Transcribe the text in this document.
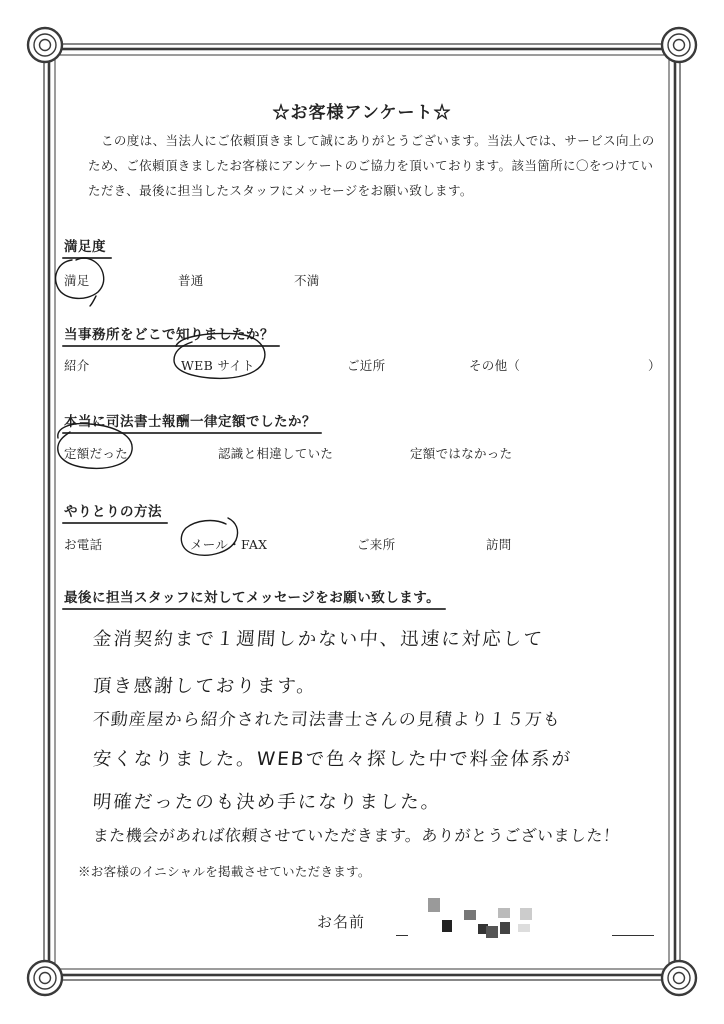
☆お客様アンケート☆
この度は、当法人にご依頼頂きまして誠にありがとうございます。当法人では、サービス向上のため、ご依頼頂きましたお客様にアンケートのご協力を頂いております。該当箇所に〇をつけていただき、最後に担当したスタッフにメッセージをお願い致します。
満足度
満足	普通	不満
当事務所をどこで知りましたか？
紹介	WEB サイト	ご近所	その他（	）
本当に司法書士報酬一律定額でしたか？
定額だった	認識と相違していた	定額ではなかった
やりとりの方法
お電話	メール・FAX	ご来所	訪問
最後に担当スタッフに対してメッセージをお願い致します。
金消契約まで１週間しかない中、迅速に対応して
頂き感謝しております。
不動産屋から紹介された司法書士さんの見積より１５万も
安くなりました。WEBで色々探した中で料金体系が
明確だったのも決め手になりました。
また機会があれば依頼させていただきます。ありがとうございました！
※お客様のイニシャルを掲載させていただきます。
お名前
